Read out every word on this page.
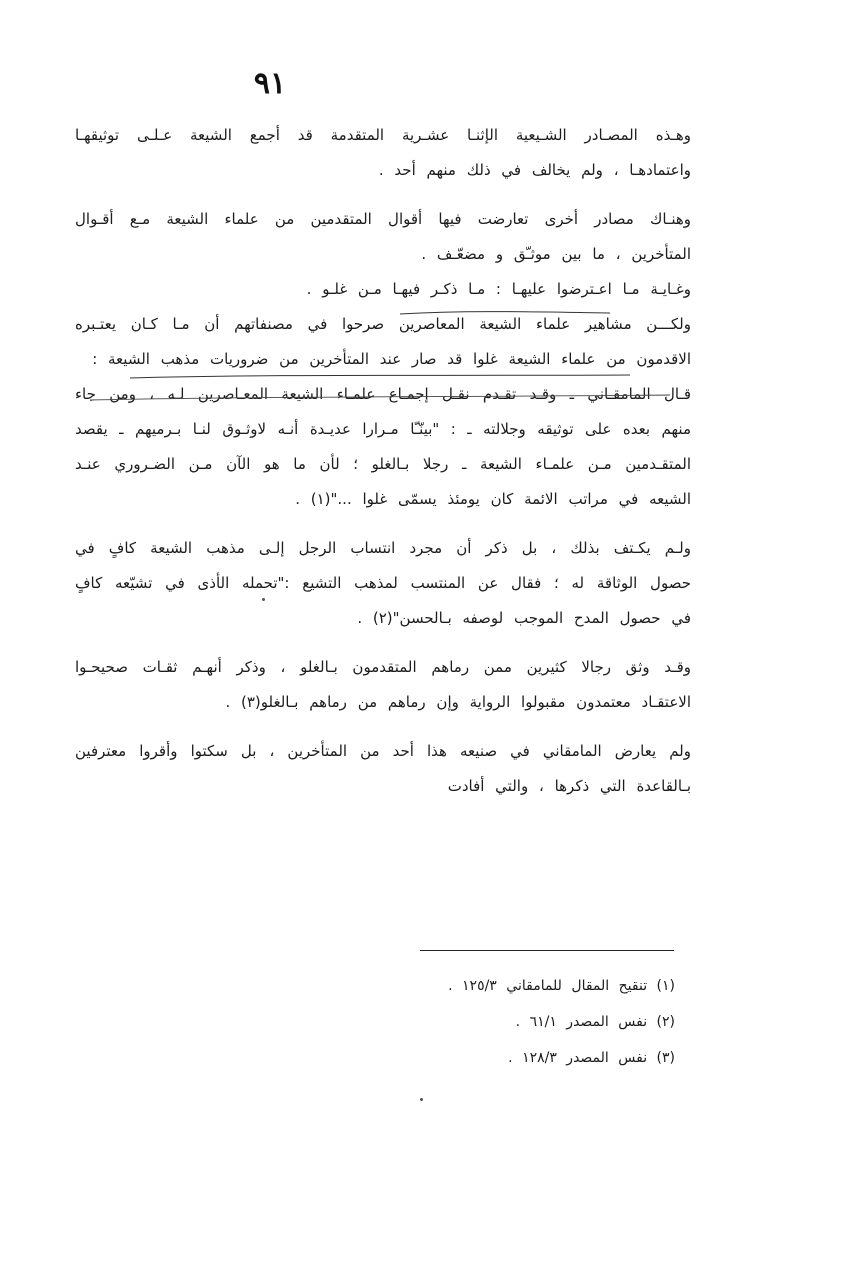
٩١

وهـذه المصـادر الشـيعية الإثنـا عشـرية المتقدمة قد أجمع الشيعة عـلـى توثيقهـا واعتمادهـا ، ولم يخالف في ذلك منهم أحد .

وهنـاك مصادر أخرى تعارضت فيها أقوال المتقدمين من علماء الشيعة مـع أقـوال المتأخرين ، ما بين موثـّق و مضعّـف .

وغـايـة مـا اعـترضوا عليهـا : مـا ذكـر فيهـا مـن غلـو .

ولكـــن مشاهير علماء الشيعة المعاصرين صرحوا في مصنفاتهم أن مـا كـان يعتـبره الاقدمون من علماء الشيعة غلوا قد صار عند المتأخرين من ضروريات مذهب الشيعة :

قـال المامقـاني ـ وقـد تقـدم نقـل إجمـاع علمـاء الشيعة المعـاصرين لـه ، ومن جاء منهم بعده على توثيقه وجلالته ـ : "بينّـّا مـرارا عديـدة أنـه لاوثـوق لنـا بـرميهم ـ يقصد المتقـدمين مـن علمـاء الشيعة ـ رجلا بـالغلو ؛ لأن ما هو الآن مـن الضـروري عنـد الشيعه في مراتب الائمة كان يومئذ يسمّى غلوا ..."(١) .

ولـم يكـتف بذلك ، بل ذكر أن مجرد انتساب الرجل إلـى مذهب الشيعة كافٍ في حصول الوثاقة له ؛ فقال عن المنتسب لمذهب التشيع :"تحمله الأذى في تشيّعه كافٍ في حصول المدح الموجب لوصفه بـالحسن"(٢) .

وقـد وثق رجالا كثيرين ممن رماهم المتقدمون بـالغلو ، وذكر أنهـم ثقـات صحيحـوا الاعتقـاد معتمدون مقبولوا الرواية وإن رماهم من رماهم بـالغلو(٣) .

ولم يعارض المامقاني في صنيعه هذا أحد من المتأخرين ، بل سكتوا وأقروا معترفين بـالقاعدة التي ذكرها ، والتي أفادت

(١) تنقيح المقال للمامقاني ١٢٥/٣ .

(٢) نفس المصدر ٦١/١ .

(٣) نفس المصدر ١٢٨/٣ .
